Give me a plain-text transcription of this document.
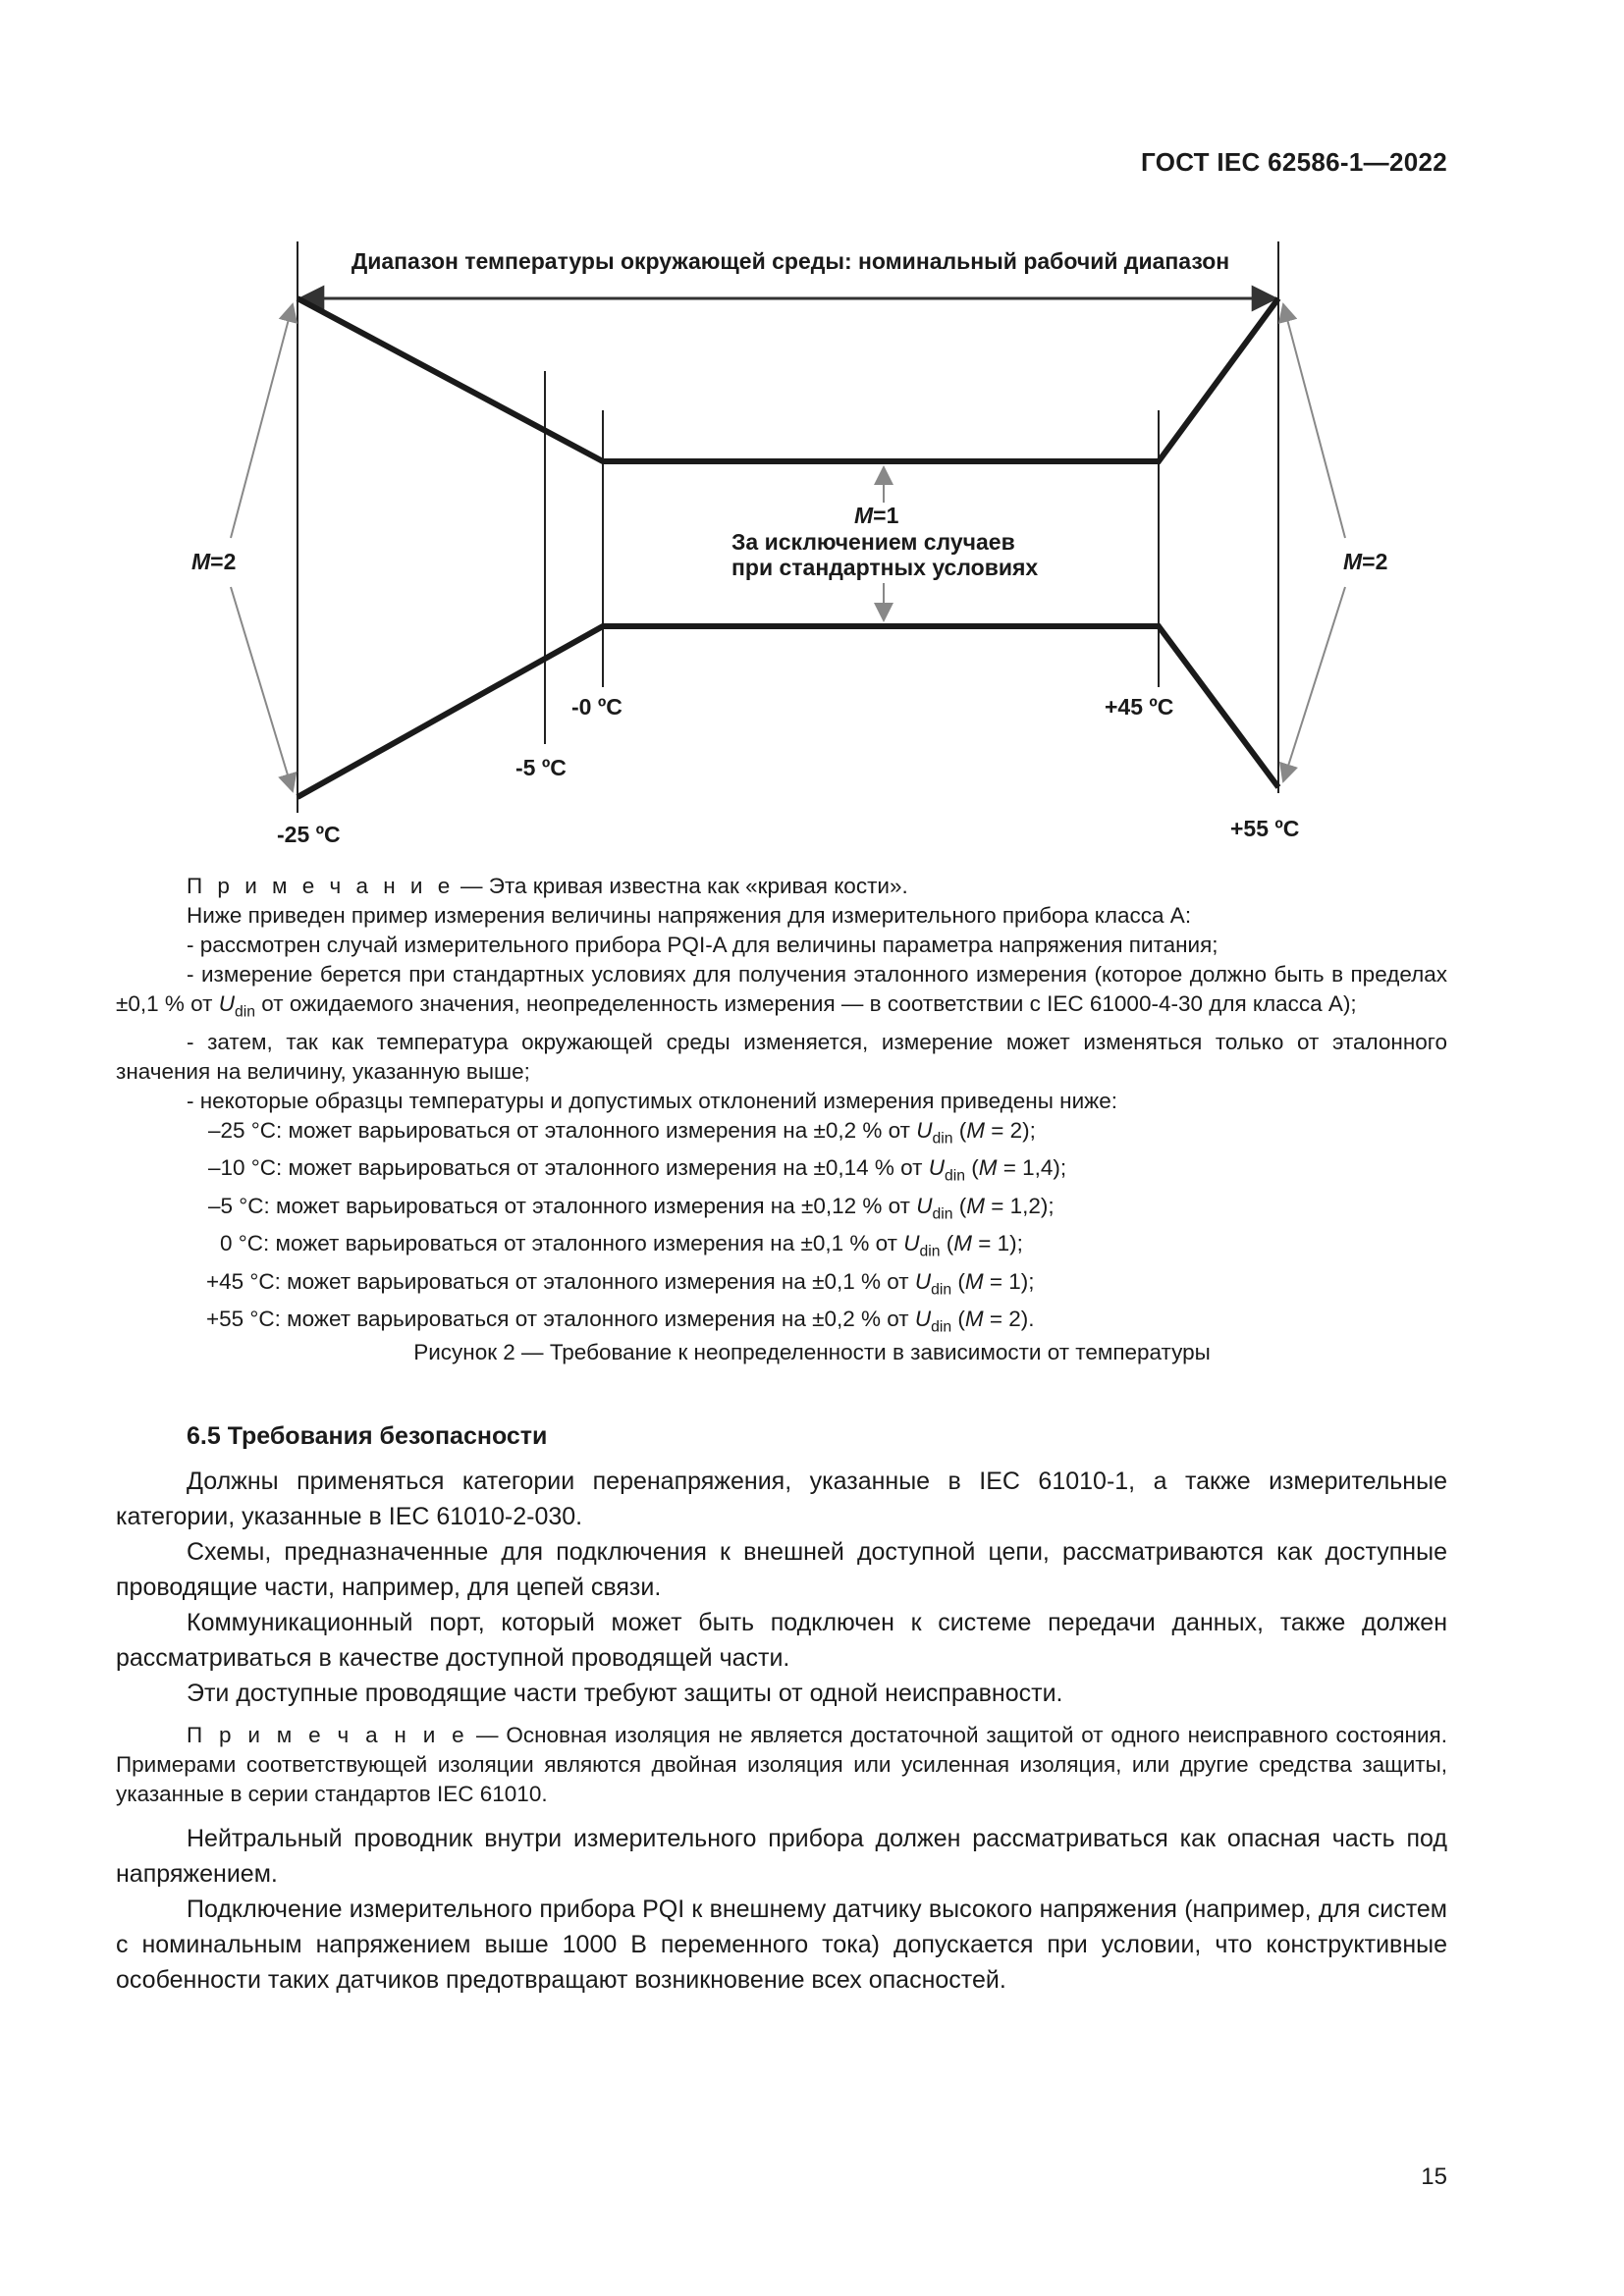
ГОСТ IEC 62586-1—2022
Диапазон температуры окружающей среды: номинальный рабочий диапазон
M=2	M=2
M=1
За исключением случаев
при стандартных условиях
-25 ºC
-5 ºC
-0 ºC	+45 ºC
+55 ºC

П р и м е ч а н и е — Эта кривая известна как «кривая кости».

Ниже приведен пример измерения величины напряжения для измерительного прибора класса A:

- рассмотрен случай измерительного прибора PQI-A для величины параметра напряжения питания;

- измерение берется при стандартных условиях для получения эталонного измерения (которое должно быть в пределах ±0,1 % от $U_{din}$ от ожидаемого значения, неопределенность измерения — в соответствии с IEC 61000-4-30 для класса A);

- затем, так как температура окружающей среды изменяется, измерение может изменяться только от эталонного значения на величину, указанную выше;

- некоторые образцы температуры и допустимых отклонений измерения приведены ниже:

–25 °C: может варьироваться от эталонного измерения на ±0,2 % от $U_{din}$ (M = 2);

–10 °C: может варьироваться от эталонного измерения на ±0,14 % от $U_{din}$ (M = 1,4);

–5 °C: может варьироваться от эталонного измерения на ±0,12 % от $U_{din}$ (M = 1,2);

0 °C: может варьироваться от эталонного измерения на ±0,1 % от $U_{din}$ (M = 1);

+45 °C: может варьироваться от эталонного измерения на ±0,1 % от $U_{din}$ (M = 1);

+55 °C: может варьироваться от эталонного измерения на ±0,2 % от $U_{din}$ (M = 2).

Рисунок 2 — Требование к неопределенности в зависимости от температуры
6.5 Требования безопасности

Должны применяться категории перенапряжения, указанные в IEC 61010-1, а также измерительные категории, указанные в IEC 61010-2-030.

Схемы, предназначенные для подключения к внешней доступной цепи, рассматриваются как доступные проводящие части, например, для цепей связи.

Коммуникационный порт, который может быть подключен к системе передачи данных, также должен рассматриваться в качестве доступной проводящей части.

Эти доступные проводящие части требуют защиты от одной неисправности.

П р и м е ч а н и е — Основная изоляция не является достаточной защитой от одного неисправного состояния. Примерами соответствующей изоляции являются двойная изоляция или усиленная изоляция, или другие средства защиты, указанные в серии стандартов IEC 61010.

Нейтральный проводник внутри измерительного прибора должен рассматриваться как опасная часть под напряжением.

Подключение измерительного прибора PQI к внешнему датчику высокого напряжения (например, для систем с номинальным напряжением выше 1000 В переменного тока) допускается при условии, что конструктивные особенности таких датчиков предотвращают возникновение всех опасностей.

15
